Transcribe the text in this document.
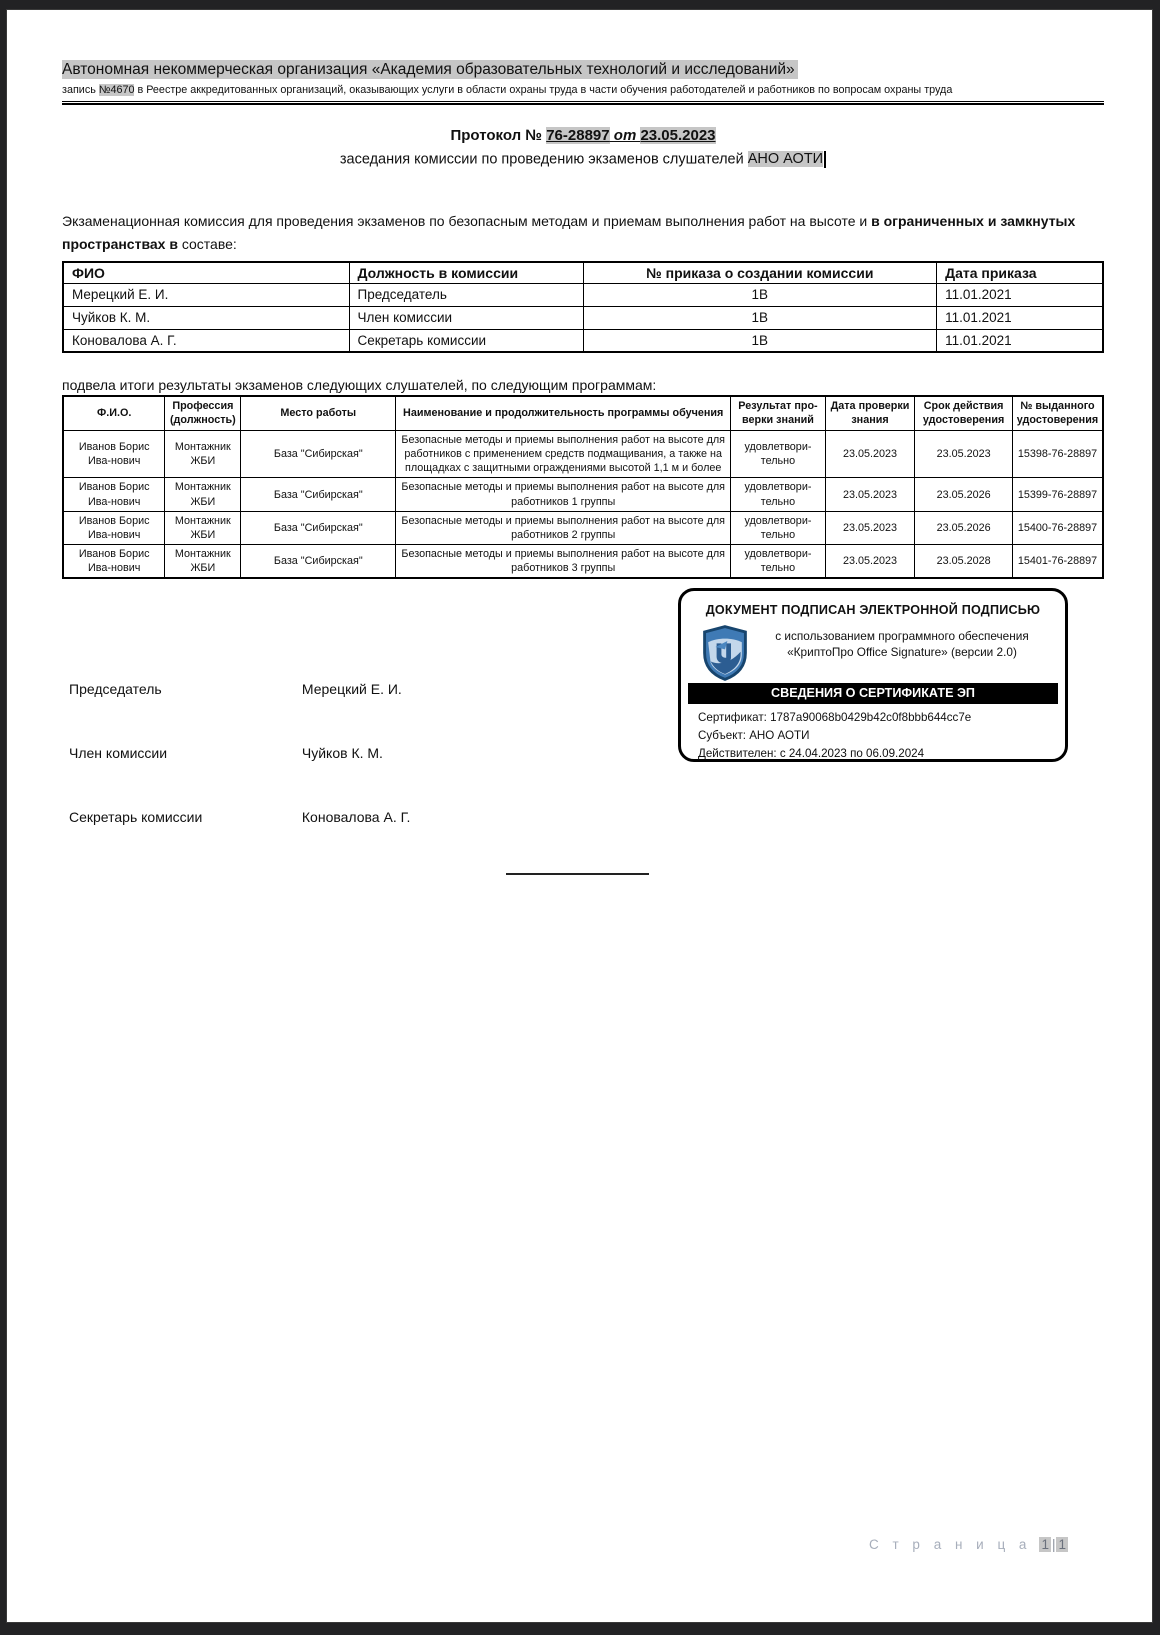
Автономная некоммерческая организация «Академия образовательных технологий и исследований»
запись №4670 в Реестре аккредитованных организаций, оказывающих услуги в области охраны труда в части обучения работодателей и работников по вопросам охраны труда
Протокол № 76-28897 от 23.05.2023
заседания комиссии по проведению экзаменов слушателей АНО АОТИ
Экзаменационная комиссия для проведения экзаменов по безопасным методам и приемам выполнения работ на высоте и в ограниченных и замкнутых пространствах в составе:
ФИО	Должность в комиссии	№ приказа о создании комиссии	Дата приказа
Мерецкий Е. И.	Председатель	1В	11.01.2021
Чуйков К. М.	Член комиссии	1В	11.01.2021
Коновалова А. Г.	Секретарь комиссии	1В	11.01.2021
подвела итоги результаты экзаменов следующих слушателей, по следующим программам:
Ф.И.О.	Профессия (должность)	Место работы	Наименование и продолжительность программы обучения	Результат про-верки знаний	Дата проверки знания	Срок действия удостоверения	№ выданного удостоверения
Иванов Борис Ива-нович	Монтажник ЖБИ	База "Сибирская"	Безопасные методы и приемы выполнения работ на высоте для работников с применением средств подмащивания, а также на площадках с защитными ограждениями высотой 1,1 м и более	удовлетвори-тельно	23.05.2023	23.05.2023	15398-76-28897
Иванов Борис Ива-нович	Монтажник ЖБИ	База "Сибирская"	Безопасные методы и приемы выполнения работ на высоте для работников 1 группы	удовлетвори-тельно	23.05.2023	23.05.2026	15399-76-28897
Иванов Борис Ива-нович	Монтажник ЖБИ	База "Сибирская"	Безопасные методы и приемы выполнения работ на высоте для работников 2 группы	удовлетвори-тельно	23.05.2023	23.05.2026	15400-76-28897
Иванов Борис Ива-нович	Монтажник ЖБИ	База "Сибирская"	Безопасные методы и приемы выполнения работ на высоте для работников 3 группы	удовлетвори-тельно	23.05.2023	23.05.2028	15401-76-28897
ДОКУМЕНТ ПОДПИСАН ЭЛЕКТРОННОЙ ПОДПИСЬЮ
с использованием программного обеспечения
«КриптоПро Office Signature» (версии 2.0)
СВЕДЕНИЯ О СЕРТИФИКАТЕ ЭП
Сертификат: 1787a90068b0429b42c0f8bbb644cc7e
Субъект: АНО АОТИ
Действителен: с 24.04.2023 по 06.09.2024
Председатель	Мерецкий Е. И.
Член комиссии	Чуйков К. М.
Секретарь комиссии	Коновалова А. Г.
С т р а н и ц а 1 | 1
